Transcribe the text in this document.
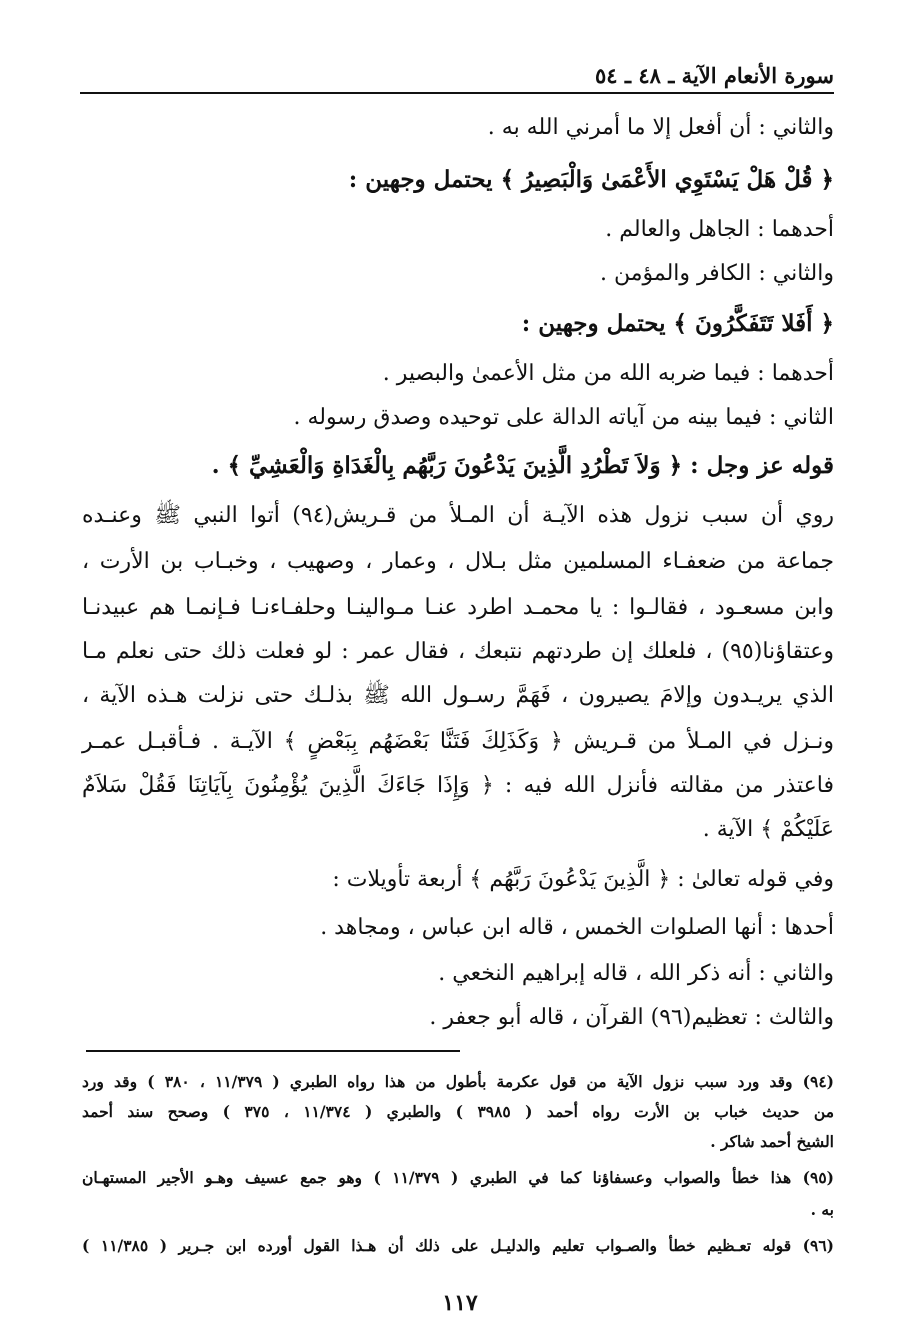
سورة الأنعام الآية ـ ٤٨ ـ ٥٤
والثاني : أن أفعل إلا ما أمرني الله به .
﴿ قُلْ هَلْ يَسْتَوِي الأَعْمَىٰ وَالْبَصِيرُ ﴾ يحتمل وجهين :
أحدهما : الجاهل والعالم .
والثاني : الكافر والمؤمن .
﴿ أَفَلا تَتَفَكَّرُونَ ﴾ يحتمل وجهين :
أحدهما : فيما ضربه الله من مثل الأعمىٰ والبصير .
الثاني : فيما بينه من آياته الدالة على توحيده وصدق رسوله .
قوله عز وجل : ﴿ وَلاَ تَطْرُدِ الَّذِينَ يَدْعُونَ رَبَّهُم بِالْغَدَاةِ وَالْعَشِيِّ ﴾ .
روي أن سبب نزول هذه الآيـة أن المـلأ من قـريش(٩٤) أتوا النبي ﷺ وعنـده
جماعة من ضعفـاء المسلمين مثل بـلال ، وعمار ، وصهيب ، وخبـاب بن الأرت ،
وابن مسعـود ، فقالـوا : يا محمـد اطرد عنـا مـوالينـا وحلفـاءنـا فـإنمـا هم عبيدنـا
وعتقاؤنا(٩٥) ، فلعلك إن طردتهم نتبعك ، فقال عمر : لو فعلت ذلك حتى نعلم مـا
الذي يريـدون وإلامَ يصيرون ، فَهَمَّ رسـول الله ﷺ بذلـك حتى نزلت هـذه الآية ،
ونـزل في المـلأ من قـريش ﴿ وَكَذَلِكَ فَتَنَّا بَعْضَهُم بِبَعْضٍ ﴾ الآيـة . فـأقبـل عمـر
فاعتذر من مقالته فأنزل الله فيه : ﴿ وَإِذَا جَاءَكَ الَّذِينَ يُؤْمِنُونَ بِآيَاتِنَا فَقُلْ سَلاَمٌ
عَلَيْكُمْ ﴾ الآية .
وفي قوله تعالىٰ : ﴿ الَّذِينَ يَدْعُونَ رَبَّهُم ﴾ أربعة تأويلات :
أحدها : أنها الصلوات الخمس ، قاله ابن عباس ، ومجاهد .
والثاني : أنه ذكر الله ، قاله إبراهيم النخعي .
والثالث : تعظيم(٩٦) القرآن ، قاله أبو جعفر .
(٩٤) وقد ورد سبب نزول الآية من قول عكرمة بأطول من هذا رواه الطبري ( ١١/٣٧٩ ، ٣٨٠ ) وقد ورد
من حديث خباب بن الأرت رواه أحمد ( ٣٩٨٥ ) والطبري ( ١١/٣٧٤ ، ٣٧٥ ) وصحح سند أحمد
الشيخ أحمد شاكر .
(٩٥) هذا خطأ والصواب وعسفاؤنا كما في الطبري ( ١١/٣٧٩ ) وهو جمع عسيف وهـو الأجير المستهـان
به .
(٩٦) قوله تعـظيم خطأ والصـواب تعليم والدليـل على ذلك أن هـذا القول أورده ابن جـرير ( ١١/٣٨٥ )
١١٧
